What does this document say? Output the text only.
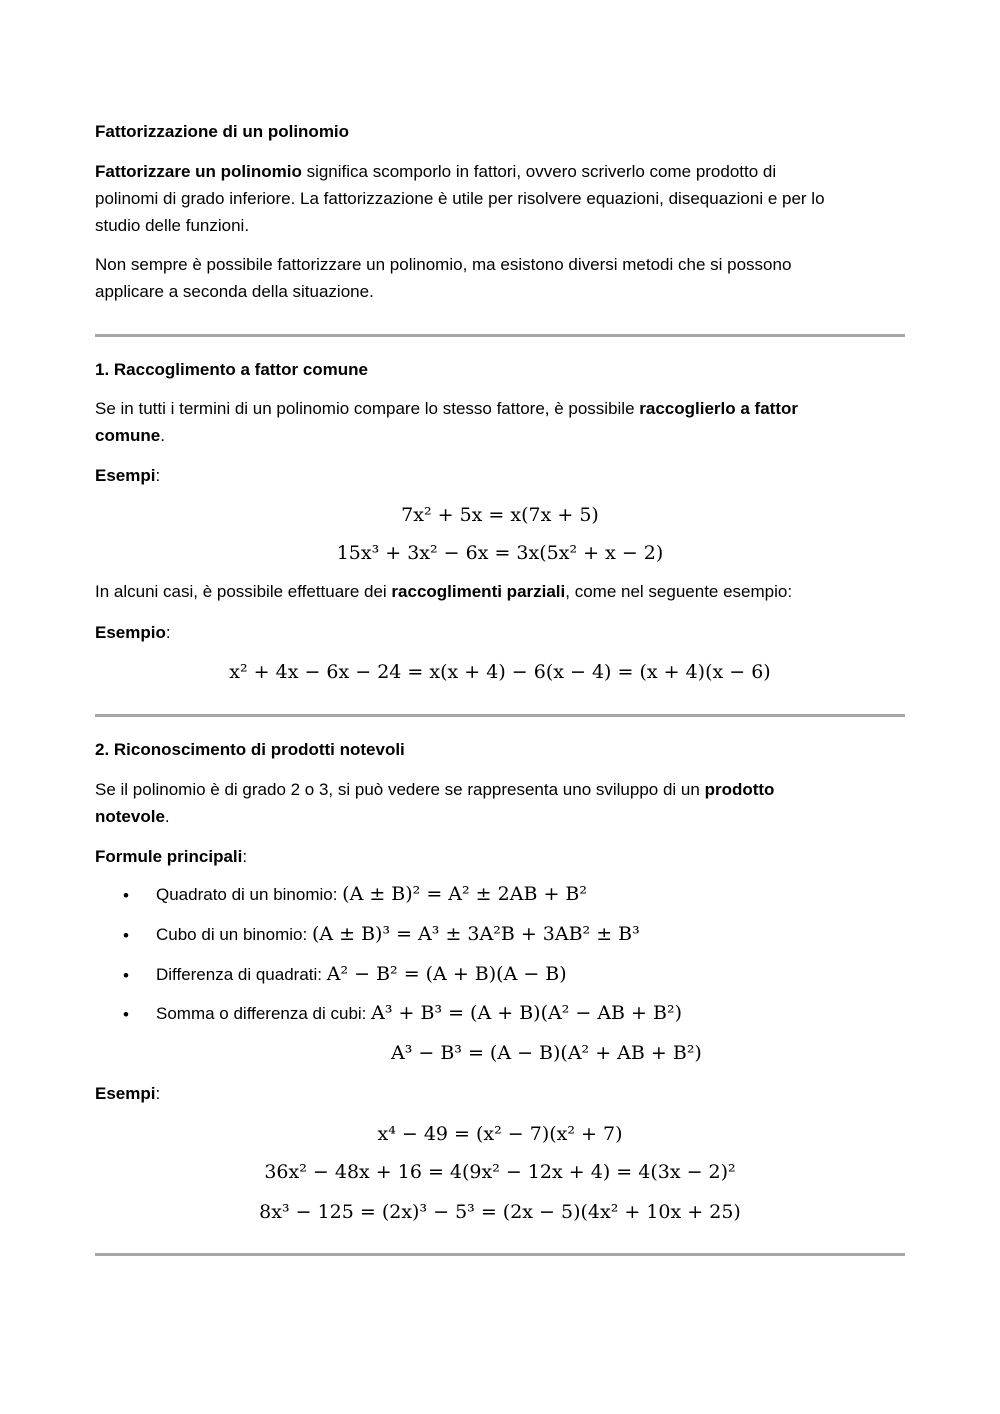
Fattorizzazione di un polinomio
Fattorizzare un polinomio significa scomporlo in fattori, ovvero scriverlo come prodotto di
polinomi di grado inferiore. La fattorizzazione è utile per risolvere equazioni, disequazioni e per lo
studio delle funzioni.
Non sempre è possibile fattorizzare un polinomio, ma esistono diversi metodi che si possono
applicare a seconda della situazione.
1. Raccoglimento a fattor comune
Se in tutti i termini di un polinomio compare lo stesso fattore, è possibile raccoglierlo a fattor
comune.
Esempi:
7x² + 5x = x(7x + 5)
15x³ + 3x² − 6x = 3x(5x² + x − 2)
In alcuni casi, è possibile effettuare dei raccoglimenti parziali, come nel seguente esempio:
Esempio:
x² + 4x − 6x − 24 = x(x + 4) − 6(x − 4) = (x + 4)(x − 6)
2. Riconoscimento di prodotti notevoli
Se il polinomio è di grado 2 o 3, si può vedere se rappresenta uno sviluppo di un prodotto
notevole.
Formule principali:
• Quadrato di un binomio: (A ± B)² = A² ± 2AB + B²
• Cubo di un binomio: (A ± B)³ = A³ ± 3A²B + 3AB² ± B³
• Differenza di quadrati: A² − B² = (A + B)(A − B)
• Somma o differenza di cubi: A³ + B³ = (A + B)(A² − AB + B²)
A³ − B³ = (A − B)(A² + AB + B²)
Esempi:
x⁴ − 49 = (x² − 7)(x² + 7)
36x² − 48x + 16 = 4(9x² − 12x + 4) = 4(3x − 2)²
8x³ − 125 = (2x)³ − 5³ = (2x − 5)(4x² + 10x + 25)
